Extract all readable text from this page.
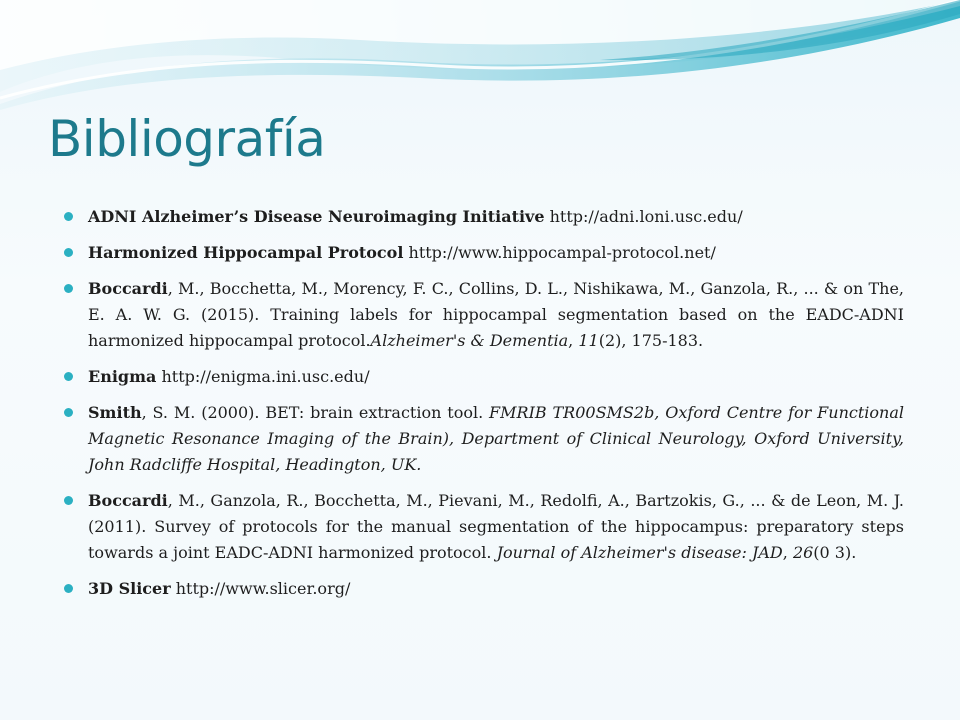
Bibliografía
ADNI Alzheimer’s Disease Neuroimaging Initiative http://adni.loni.usc.edu/
Harmonized Hippocampal Protocol http://www.hippocampal-protocol.net/
Boccardi, M., Bocchetta, M., Morency, F. C., Collins, D. L., Nishikawa, M., Ganzola, R., ... & on The, E. A. W. G. (2015). Training labels for hippocampal segmentation based on the EADC-ADNI harmonized hippocampal protocol.Alzheimer's & Dementia, 11(2), 175-183.
Enigma http://enigma.ini.usc.edu/
Smith, S. M. (2000). BET: brain extraction tool. FMRIB TR00SMS2b, Oxford Centre for Functional Magnetic Resonance Imaging of the Brain), Department of Clinical Neurology, Oxford University, John Radcliffe Hospital, Headington, UK.
Boccardi, M., Ganzola, R., Bocchetta, M., Pievani, M., Redolfi, A., Bartzokis, G., ... & de Leon, M. J. (2011). Survey of protocols for the manual segmentation of the hippocampus: preparatory steps towards a joint EADC-ADNI harmonized protocol. Journal of Alzheimer's disease: JAD, 26(0 3).
3D Slicer http://www.slicer.org/
